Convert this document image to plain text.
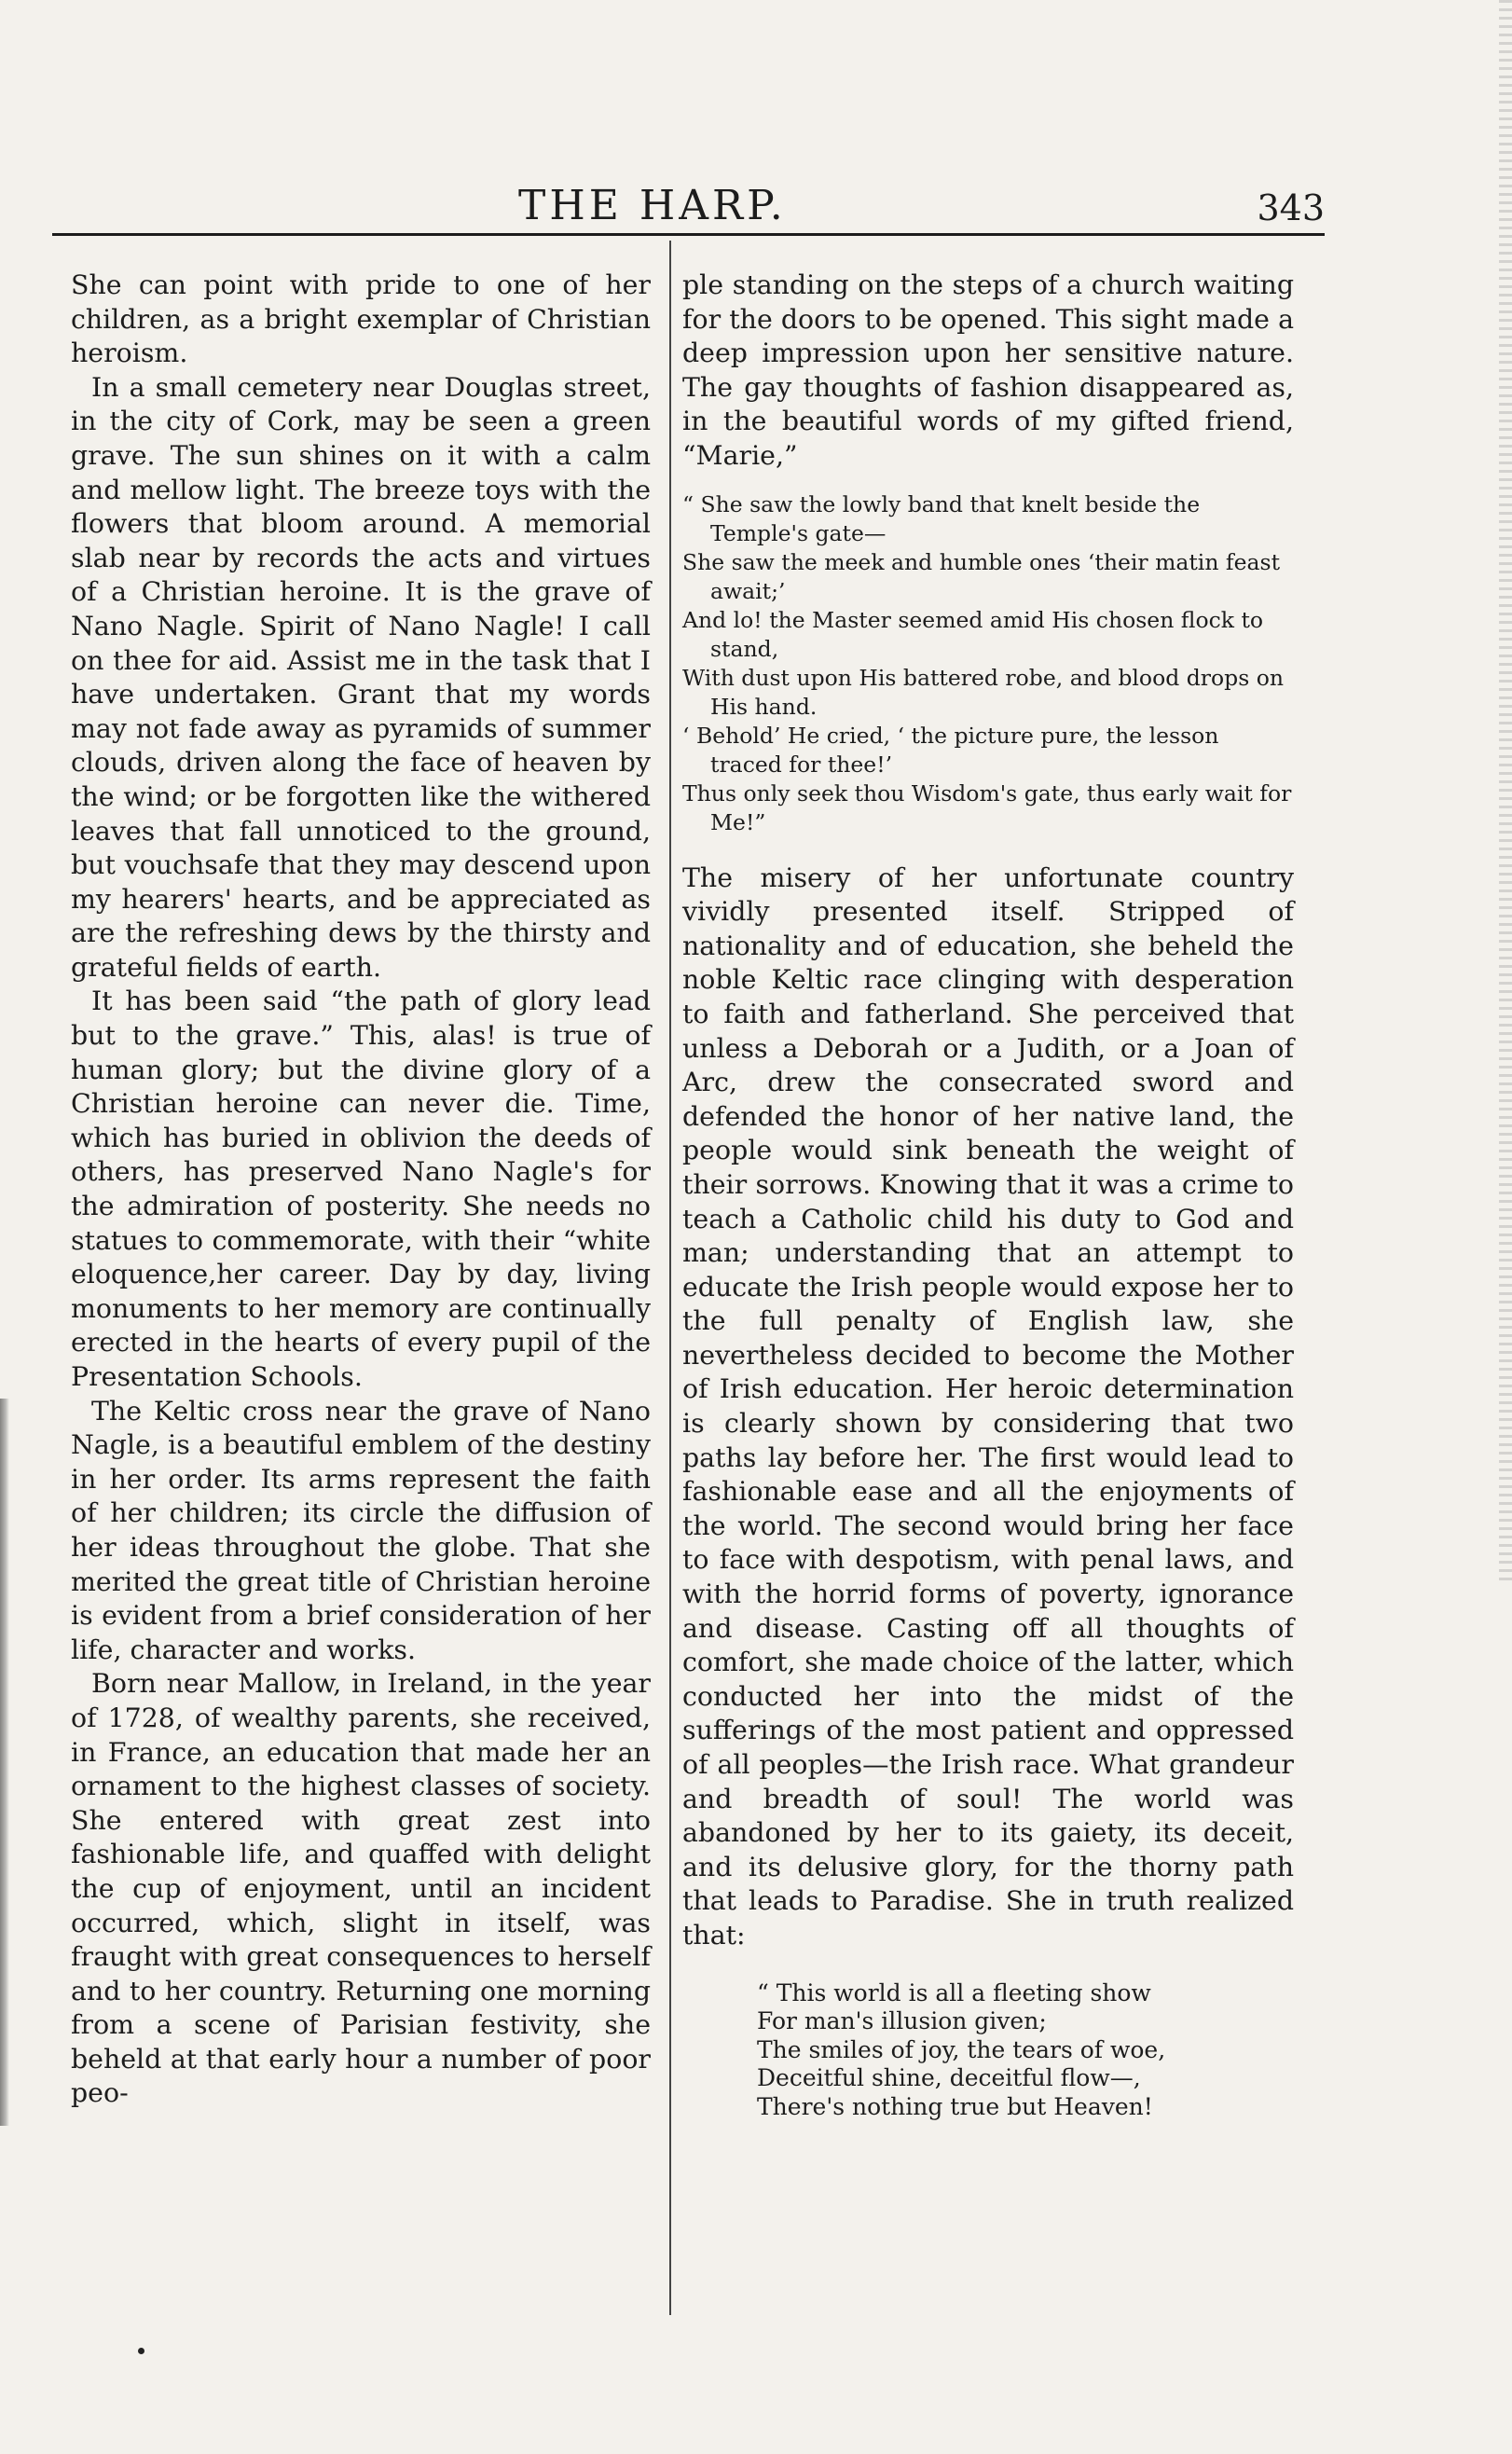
THE HARP.	343

She can point with pride to one of her children, as a bright exemplar of Christian heroism.

In a small cemetery near Douglas street, in the city of Cork, may be seen a green grave. The sun shines on it with a calm and mellow light. The breeze toys with the flowers that bloom around. A memorial slab near by records the acts and virtues of a Christian heroine. It is the grave of Nano Nagle. Spirit of Nano Nagle! I call on thee for aid. Assist me in the task that I have undertaken. Grant that my words may not fade away as pyramids of summer clouds, driven along the face of heaven by the wind; or be forgotten like the withered leaves that fall unnoticed to the ground, but vouchsafe that they may descend upon my hearers' hearts, and be appreciated as are the refreshing dews by the thirsty and grateful fields of earth.

It has been said “the path of glory lead but to the grave.” This, alas! is true of human glory; but the divine glory of a Christian heroine can never die. Time, which has buried in oblivion the deeds of others, has preserved Nano Nagle's for the admiration of posterity. She needs no statues to commemorate, with their “white eloquence,her career. Day by day, living monuments to her memory are continually erected in the hearts of every pupil of the Presentation Schools.

The Keltic cross near the grave of Nano Nagle, is a beautiful emblem of the destiny in her order. Its arms represent the faith of her children; its circle the diffusion of her ideas throughout the globe. That she merited the great title of Christian heroine is evident from a brief consideration of her life, character and works.

Born near Mallow, in Ireland, in the year of 1728, of wealthy parents, she received, in France, an education that made her an ornament to the highest classes of society. She entered with great zest into fashionable life, and quaffed with delight the cup of enjoyment, until an incident occurred, which, slight in itself, was fraught with great consequences to herself and to her country. Returning one morning from a scene of Parisian festivity, she beheld at that early hour a number of poor peo-

ple standing on the steps of a church waiting for the doors to be opened. This sight made a deep impression upon her sensitive nature. The gay thoughts of fashion disappeared as, in the beautiful words of my gifted friend, “Marie,”

“ She saw the lowly band that knelt beside the Temple's gate—
She saw the meek and humble ones ‘their matin feast await;’
And lo! the Master seemed amid His chosen flock to stand,
With dust upon His battered robe, and blood drops on His hand.
‘ Behold’ He cried, ‘ the picture pure, the lesson traced for thee!’
Thus only seek thou Wisdom's gate, thus early wait for Me!”

The misery of her unfortunate country vividly presented itself. Stripped of nationality and of education, she beheld the noble Keltic race clinging with desperation to faith and fatherland. She perceived that unless a Deborah or a Judith, or a Joan of Arc, drew the consecrated sword and defended the honor of her native land, the people would sink beneath the weight of their sorrows. Knowing that it was a crime to teach a Catholic child his duty to God and man; understanding that an attempt to educate the Irish people would expose her to the full penalty of English law, she nevertheless decided to become the Mother of Irish education. Her heroic determination is clearly shown by considering that two paths lay before her. The first would lead to fashionable ease and all the enjoyments of the world. The second would bring her face to face with despotism, with penal laws, and with the horrid forms of poverty, ignorance and disease. Casting off all thoughts of comfort, she made choice of the latter, which conducted her into the midst of the sufferings of the most patient and oppressed of all peoples—the Irish race. What grandeur and breadth of soul! The world was abandoned by her to its gaiety, its deceit, and its delusive glory, for the thorny path that leads to Paradise. She in truth realized that:

“ This world is all a fleeting show
For man's illusion given;
The smiles of joy, the tears of woe,
Deceitful shine, deceitful flow—,
There's nothing true but Heaven!
